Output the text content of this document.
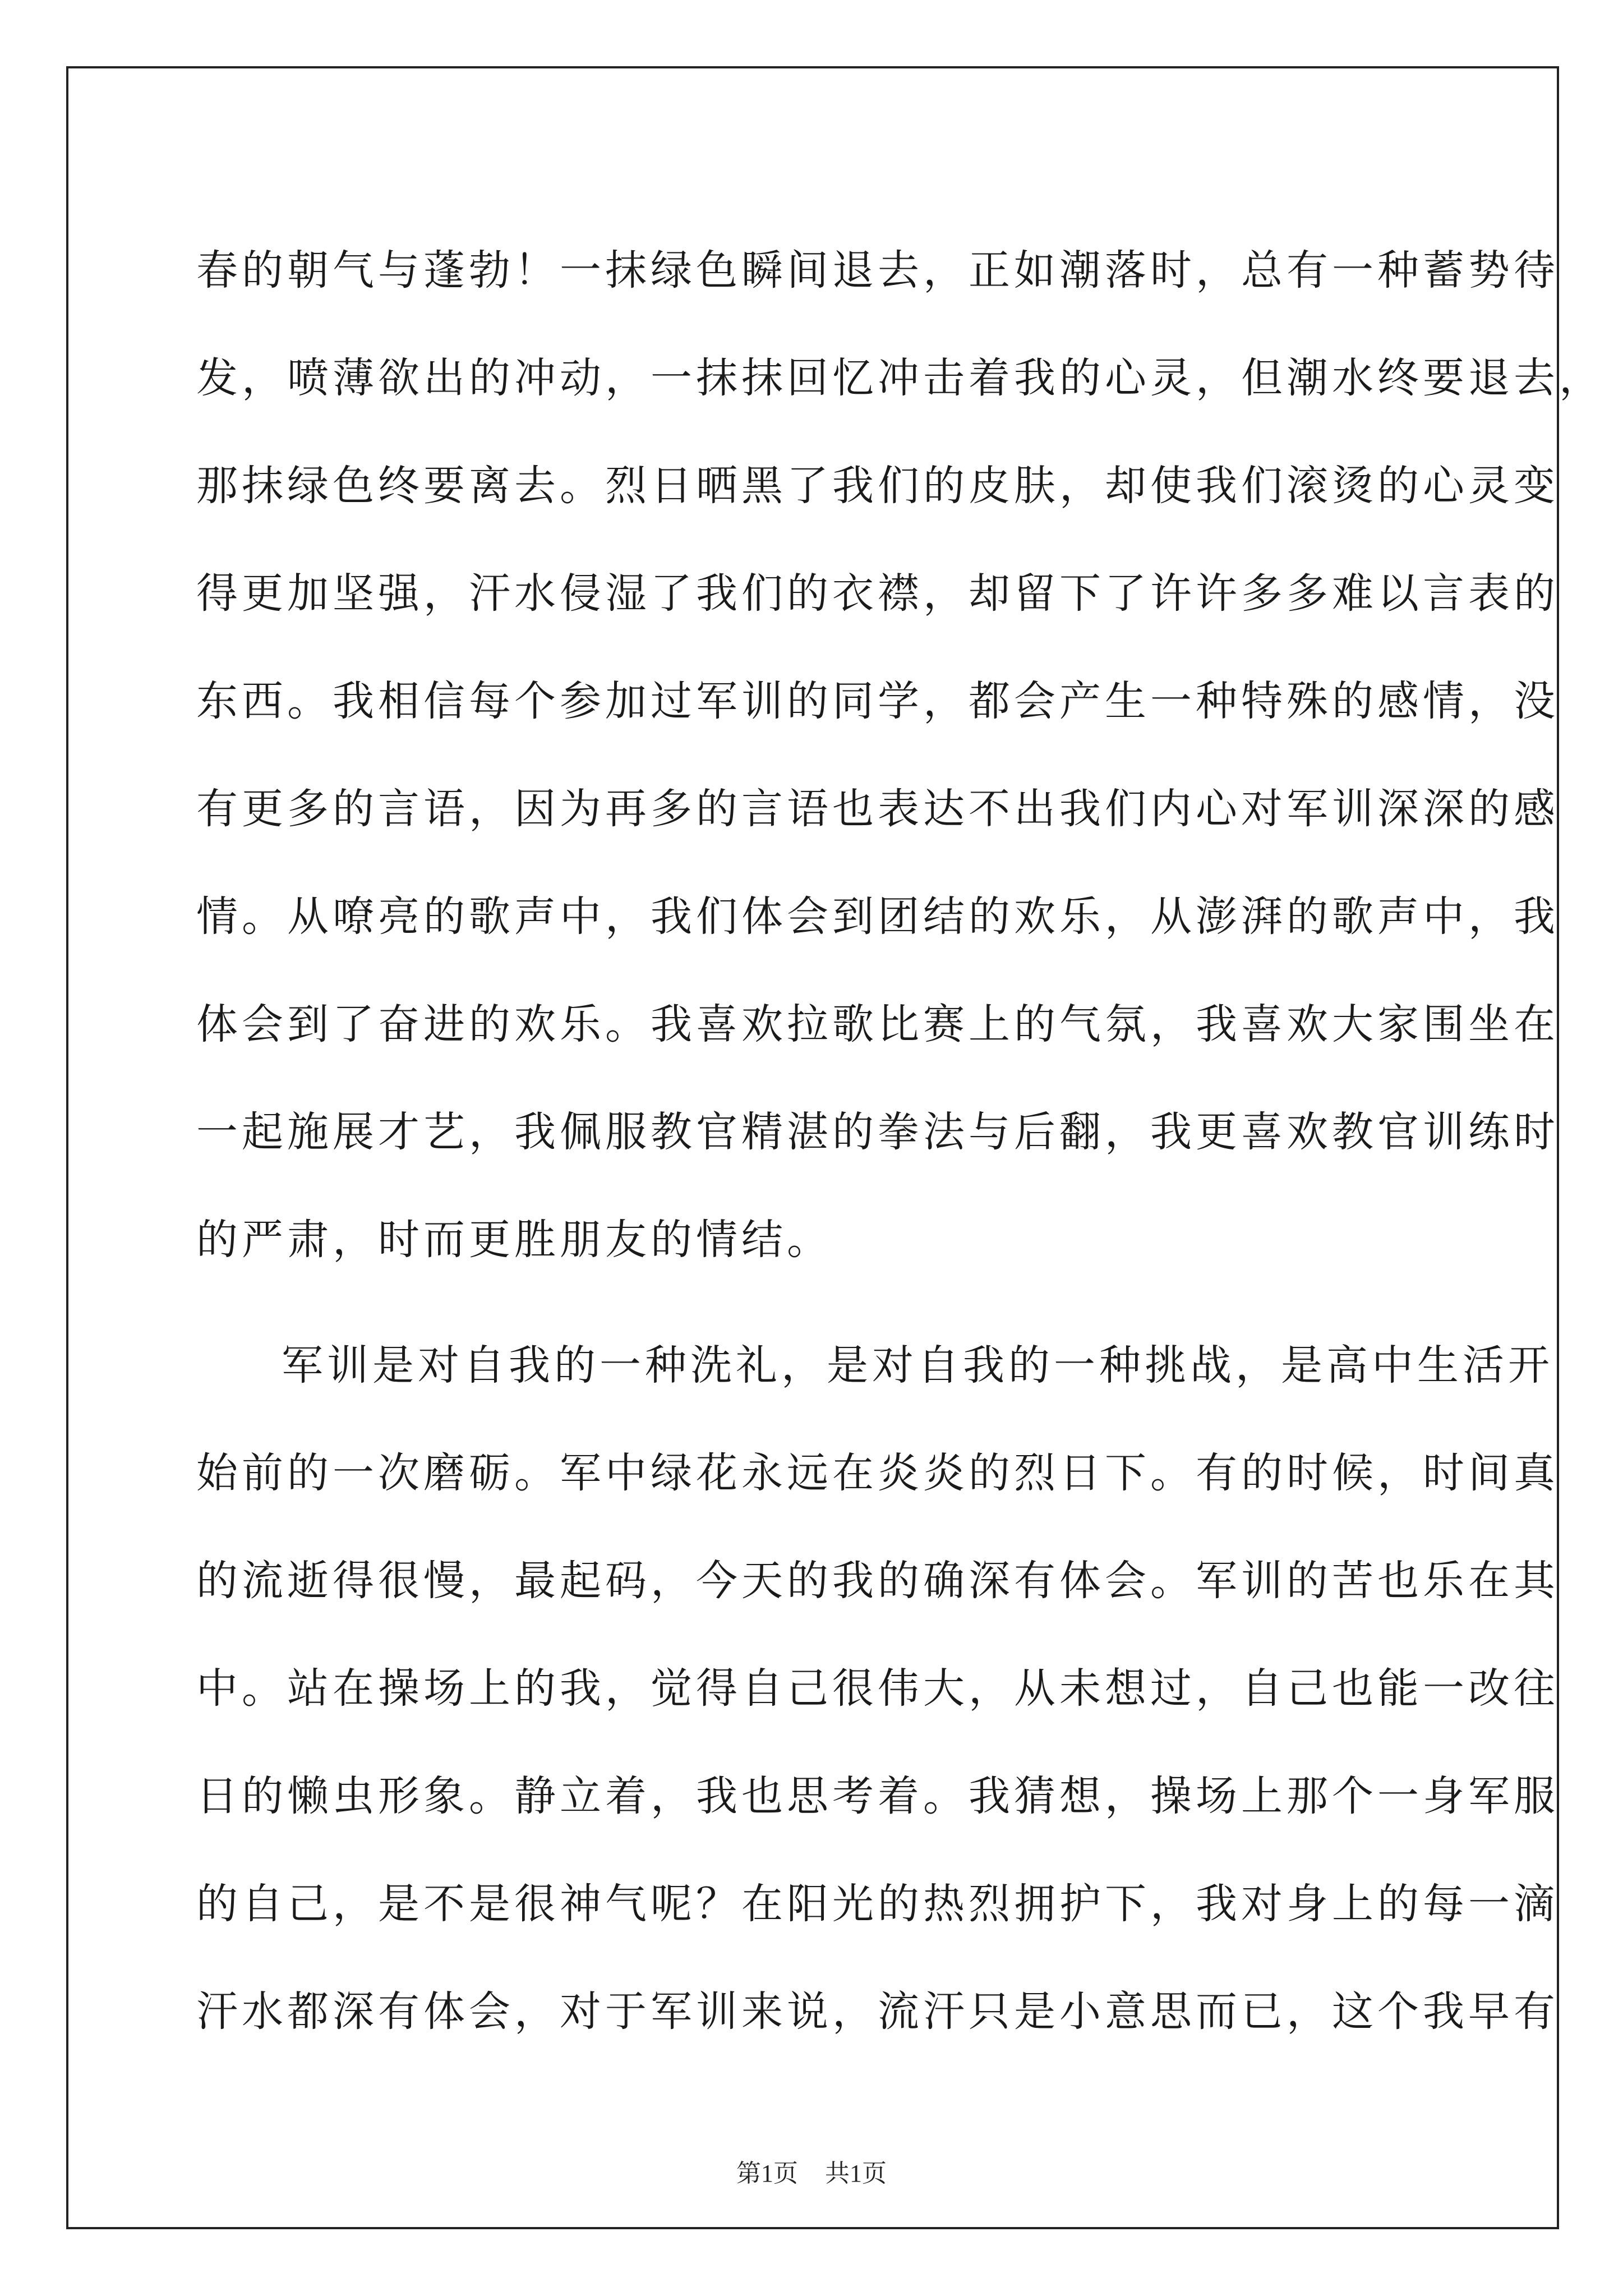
春的朝气与蓬勃！一抹绿色瞬间退去，正如潮落时，总有一种蓄势待
发，喷薄欲出的冲动，一抹抹回忆冲击着我的心灵，但潮水终要退去，
那抹绿色终要离去。烈日晒黑了我们的皮肤，却使我们滚烫的心灵变
得更加坚强，汗水侵湿了我们的衣襟，却留下了许许多多难以言表的
东西。我相信每个参加过军训的同学，都会产生一种特殊的感情，没
有更多的言语，因为再多的言语也表达不出我们内心对军训深深的感
情。从嘹亮的歌声中，我们体会到团结的欢乐，从澎湃的歌声中，我
体会到了奋进的欢乐。我喜欢拉歌比赛上的气氛，我喜欢大家围坐在
一起施展才艺，我佩服教官精湛的拳法与后翻，我更喜欢教官训练时
的严肃，时而更胜朋友的情结。
军训是对自我的一种洗礼，是对自我的一种挑战，是高中生活开
始前的一次磨砺。军中绿花永远在炎炎的烈日下。有的时候，时间真
的流逝得很慢，最起码，今天的我的确深有体会。军训的苦也乐在其
中。站在操场上的我，觉得自己很伟大，从未想过，自己也能一改往
日的懒虫形象。静立着，我也思考着。我猜想，操场上那个一身军服
的自己，是不是很神气呢？在阳光的热烈拥护下，我对身上的每一滴
汗水都深有体会，对于军训来说，流汗只是小意思而已，这个我早有
第1页 共1页
